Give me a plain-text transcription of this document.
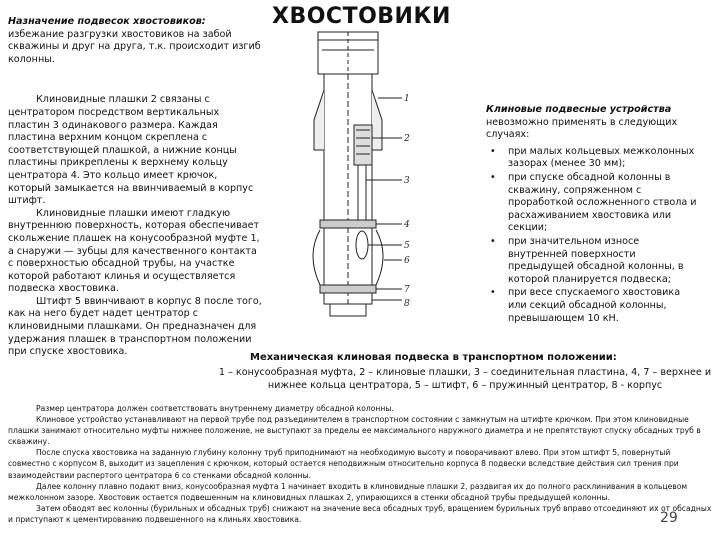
ХВОСТОВИКИ

Назначение подвесок хвостовиков: избежание разгрузки хвостовиков на забой скважины и друг на друга, т.к. происходит изгиб колонны.

Клиновидные плашки 2 связаны с центратором посредством вертикальных пластин 3 одинакового размера. Каждая пластина верхним концом скреплена с соответствующей плашкой, а нижние концы пластины прикреплены к верхнему кольцу центратора 4. Это кольцо имеет крючок, который замыкается на ввинчиваемый в корпус штифт.

Клиновидные плашки имеют гладкую внутреннюю поверхность, которая обеспечивает скольжение плашек на конусообразной муфте 1, а снаружи — зубцы для качественного контакта с поверхностью обсадной трубы, на участке которой работают клинья и осуществляется подвеска хвостовика.

Штифт 5 ввинчивают в корпус 8 после того, как на него будет надет центратор с клиновидными плашками. Он предназначен для удержания плашек в транспортном положении при спуске хвостовика.

1
2
3
4
5
6
7
8
Клиновые подвесные устройства невозможно применять в следующих случаях:
• при малых кольцевых межколонных зазорах (менее 30 мм);
• при спуске обсадной колонны в скважину, сопряженном с проработкой осложненного ствола и расхаживанием хвостовика или секции;
• при значительном износе внутренней поверхности предыдущей обсадной колонны, в которой планируется подвеска;
• при весе спускаемого хвостовика или секций обсадной колонны, превышающем 10 кН.
Механическая клиновая подвеска в транспортном положении:
1 – конусообразная муфта, 2 – клиновые плашки, 3 – соединительная пластина, 4, 7 – верхнее и нижнее кольца центратора, 5 – штифт, 6 – пружинный центратор, 8 - корпус

Размер центратора должен соответствовать внутреннему диаметру обсадной колонны.

Клиновое устройство устанавливают на первой трубе под разъединителем в транспортном состоянии с замкнутым на штифте крючком. При этом клиновидные плашки занимают относительно муфты нижнее положение, не выступают за пределы ее максимального наружного диаметра и не препятствуют спуску обсадных труб в скважину.

После спуска хвостовика на заданную глубину колонну труб приподнимают на необходимую высоту и поворачивают влево. При этом штифт 5, повернутый совместно с корпусом 8, выходит из зацепления с крючком, который остается неподвижным относительно корпуса 8 подвески вследствие действия сил трения при взаимодействии распертого центратора 6 со стенками обсадной колонны.

Далее колонну плавно подают вниз, конусообразная муфта 1 начинает входить в клиновидные плашки 2, раздвигая их до полного расклинивания в кольцевом межколонном зазоре. Хвостовик остается подвешенным на клиновидных плашках 2, упирающихся в стенки обсадной трубы предыдущей колонны.

Затем обводят вес колонны (бурильных и обсадных труб) снижают на значение веса обсадных труб, вращением бурильных труб вправо отсоединяют их от обсадных и приступают к цементированию подвешенного на клиньях хвостовика.	29
